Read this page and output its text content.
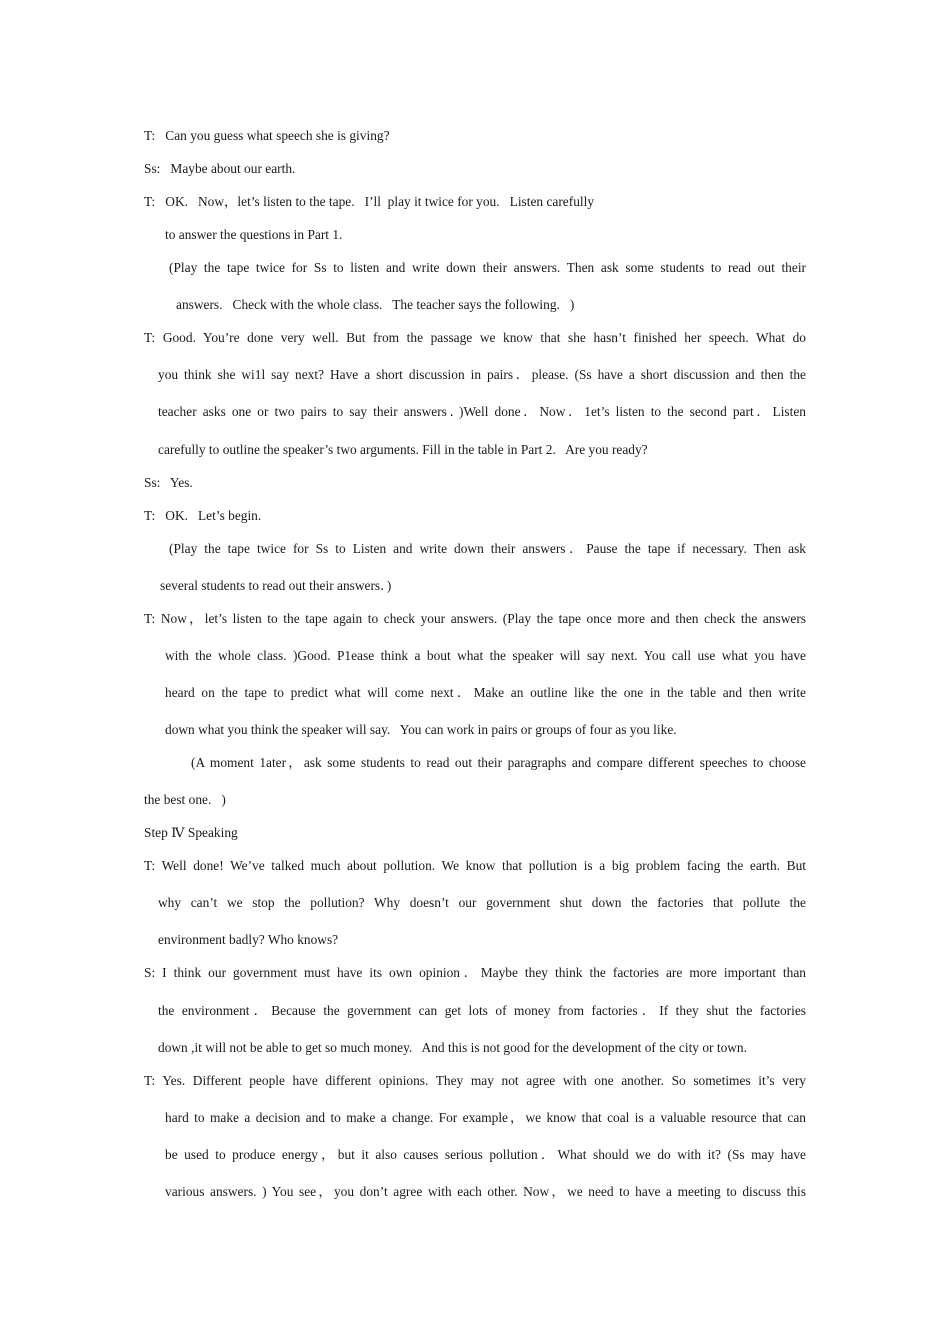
T:   Can you guess what speech she is giving?

Ss:   Maybe about our earth.

T:   OK.   Now，let’s listen to the tape.   I’ll  play it twice for you.   Listen carefully

to answer the questions in Part 1.

(Play the tape twice for Ss to listen and write down their answers. Then ask some students to read out their

answers.   Check with the whole class.   The teacher says the following.   )

T: Good. You’re done very well. But from the passage we know that she hasn’t finished her speech. What do

you think she wi1l say next? Have a short discussion in pairs．please. (Ss have a short discussion and then the

teacher asks one or two pairs to say their answers．)Well done．Now．1et’s listen to the second part．Listen

carefully to outline the speaker’s two arguments. Fill in the table in Part 2.   Are you ready?

Ss:   Yes.

T:   OK.   Let’s begin.

(Play the tape twice for Ss to Listen and write down their answers．Pause the tape if necessary. Then ask

several students to read out their answers．)

T: Now，let’s listen to the tape again to check your answers. (Play the tape once more and then check the answers

with the whole class. )Good. P1ease think a bout what the speaker will say next. You call use what you have

heard on the tape to predict what will come next．Make an outline like the one in the table and then write

down what you think the speaker will say.   You can work in pairs or groups of four as you like.

(A moment 1ater，ask some students to read out their paragraphs and compare different speeches to choose

the best one.   )

Step Ⅳ Speaking

T: Well done! We’ve talked much about pollution. We know that pollution is a big problem facing the earth. But

why can’t we stop the pollution? Why doesn’t our government shut down the factories that pollute the

environment badly? Who knows?

S: I think our government must have its own opinion．Maybe they think the factories are more important than

the environment．Because the government can get lots of money from factories．If they shut the factories

down ,it will not be able to get so much money.   And this is not good for the development of the city or town.

T: Yes. Different people have different opinions. They may not agree with one another. So sometimes it’s very

hard to make a decision and to make a change. For example，we know that coal is a valuable resource that can

be used to produce energy，but it also causes serious pollution．What should we do with it? (Ss may have

various answers. ) You see，you don’t agree with each other. Now，we need to have a meeting to discuss this
